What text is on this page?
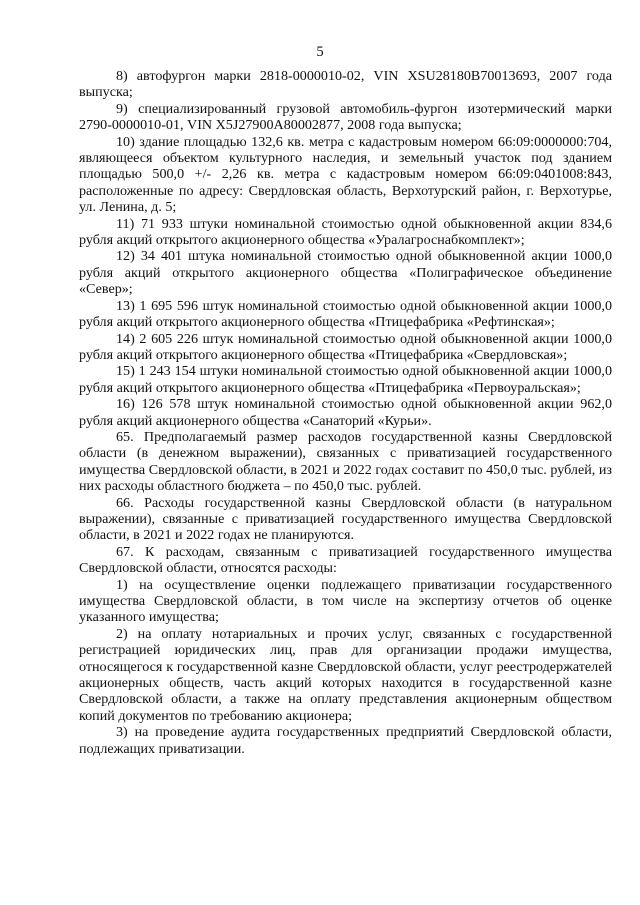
5

8) автофургон марки 2818-0000010-02, VIN XSU28180B70013693, 2007 года выпуска;

9) специализированный грузовой автомобиль-фургон изотермический марки 2790-0000010-01, VIN X5J27900A80002877, 2008 года выпуска;

10) здание площадью 132,6 кв. метра с кадастровым номером 66:09:0000000:704, являющееся объектом культурного наследия, и земельный участок под зданием площадью 500,0 +/- 2,26 кв. метра с кадастровым номером 66:09:0401008:843, расположенные по адресу: Свердловская область, Верхотурский район, г. Верхотурье, ул. Ленина, д. 5;

11) 71 933 штуки номинальной стоимостью одной обыкновенной акции 834,6 рубля акций открытого акционерного общества «Уралагроснабкомплект»;

12) 34 401 штука номинальной стоимостью одной обыкновенной акции 1000,0 рубля акций открытого акционерного общества «Полиграфическое объединение «Север»;

13) 1 695 596 штук номинальной стоимостью одной обыкновенной акции 1000,0 рубля акций открытого акционерного общества «Птицефабрика «Рефтинская»;

14) 2 605 226 штук номинальной стоимостью одной обыкновенной акции 1000,0 рубля акций открытого акционерного общества «Птицефабрика «Свердловская»;

15) 1 243 154 штуки номинальной стоимостью одной обыкновенной акции 1000,0 рубля акций открытого акционерного общества «Птицефабрика «Первоуральская»;

16) 126 578 штук номинальной стоимостью одной обыкновенной акции 962,0 рубля акций акционерного общества «Санаторий «Курьи».

65. Предполагаемый размер расходов государственной казны Свердловской области (в денежном выражении), связанных с приватизацией государственного имущества Свердловской области, в 2021 и 2022 годах составит по 450,0 тыс. рублей, из них расходы областного бюджета – по 450,0 тыс. рублей.

66. Расходы государственной казны Свердловской области (в натуральном выражении), связанные с приватизацией государственного имущества Свердловской области, в 2021 и 2022 годах не планируются.

67. К расходам, связанным с приватизацией государственного имущества Свердловской области, относятся расходы:

1) на осуществление оценки подлежащего приватизации государственного имущества Свердловской области, в том числе на экспертизу отчетов об оценке указанного имущества;

2) на оплату нотариальных и прочих услуг, связанных с государственной регистрацией юридических лиц, прав для организации продажи имущества, относящегося к государственной казне Свердловской области, услуг реестродержателей акционерных обществ, часть акций которых находится в государственной казне Свердловской области, а также на оплату представления акционерным обществом копий документов по требованию акционера;

3) на проведение аудита государственных предприятий Свердловской области, подлежащих приватизации.
